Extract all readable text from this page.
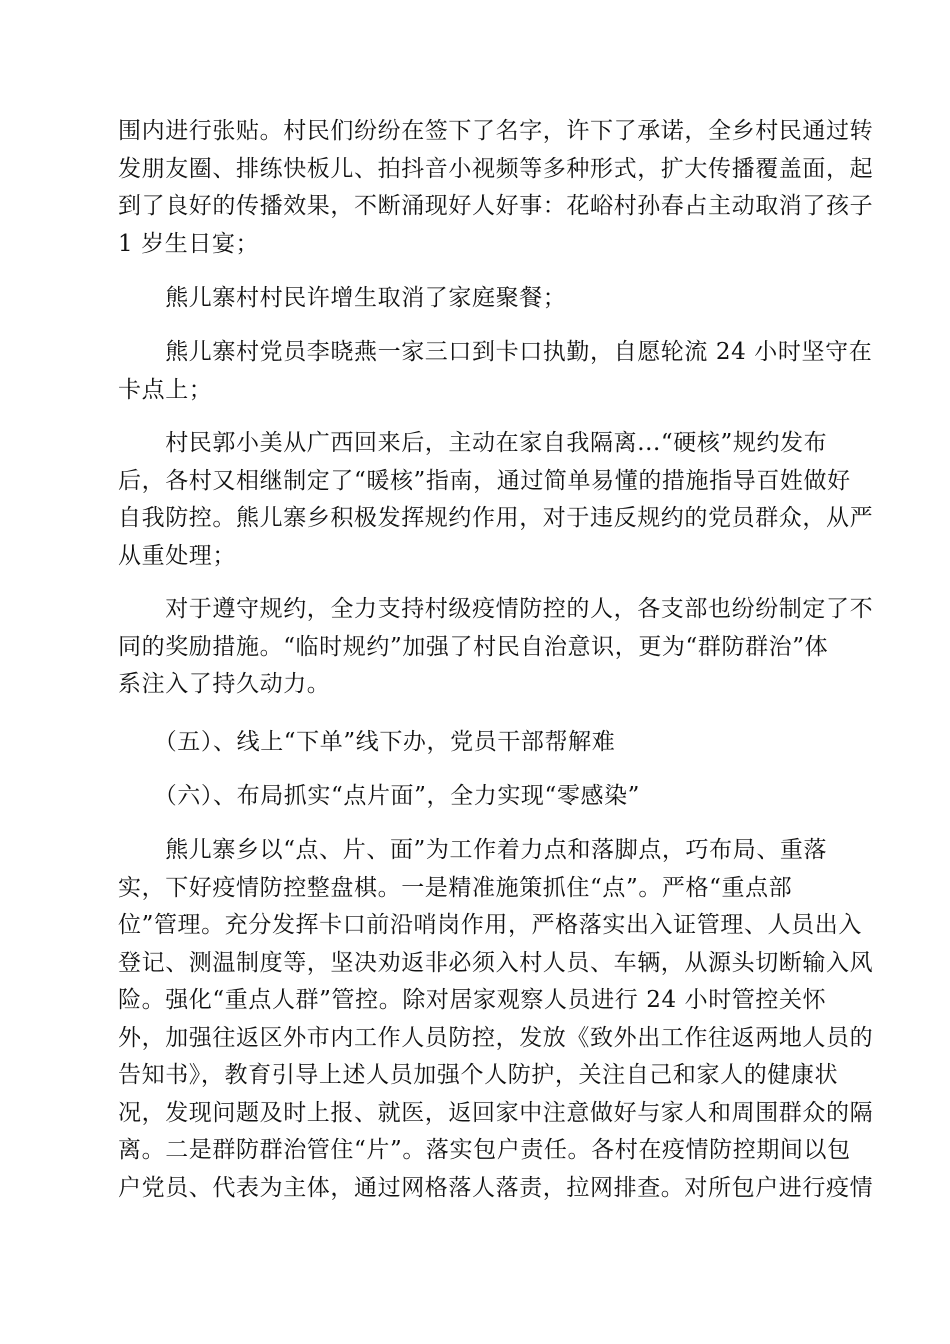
围内进行张贴。村民们纷纷在签下了名字，许下了承诺，全乡村民通过转
发朋友圈、排练快板儿、拍抖音小视频等多种形式，扩大传播覆盖面，起
到了良好的传播效果，不断涌现好人好事：花峪村孙春占主动取消了孩子
1 岁生日宴；
　　熊儿寨村村民许增生取消了家庭聚餐；
　　熊儿寨村党员李晓燕一家三口到卡口执勤，自愿轮流 24 小时坚守在
卡点上；
　　村民郭小美从广西回来后，主动在家自我隔离...“硬核”规约发布
后，各村又相继制定了“暖核”指南，通过简单易懂的措施指导百姓做好
自我防控。熊儿寨乡积极发挥规约作用，对于违反规约的党员群众，从严
从重处理；
　　对于遵守规约，全力支持村级疫情防控的人，各支部也纷纷制定了不
同的奖励措施。“临时规约”加强了村民自治意识，更为“群防群治”体
系注入了持久动力。
　　（五）、线上“下单”线下办，党员干部帮解难
　　（六）、布局抓实“点片面”，全力实现“零感染”
　　熊儿寨乡以“点、片、面”为工作着力点和落脚点，巧布局、重落
实，下好疫情防控整盘棋。一是精准施策抓住“点”。严格“重点部
位”管理。充分发挥卡口前沿哨岗作用，严格落实出入证管理、人员出入
登记、测温制度等，坚决劝返非必须入村人员、车辆，从源头切断输入风
险。强化“重点人群”管控。除对居家观察人员进行 24 小时管控关怀
外，加强往返区外市内工作人员防控，发放《致外出工作往返两地人员的
告知书》，教育引导上述人员加强个人防护，关注自己和家人的健康状
况，发现问题及时上报、就医，返回家中注意做好与家人和周围群众的隔
离。二是群防群治管住“片”。落实包户责任。各村在疫情防控期间以包
户党员、代表为主体，通过网格落人落责，拉网排查。对所包户进行疫情
